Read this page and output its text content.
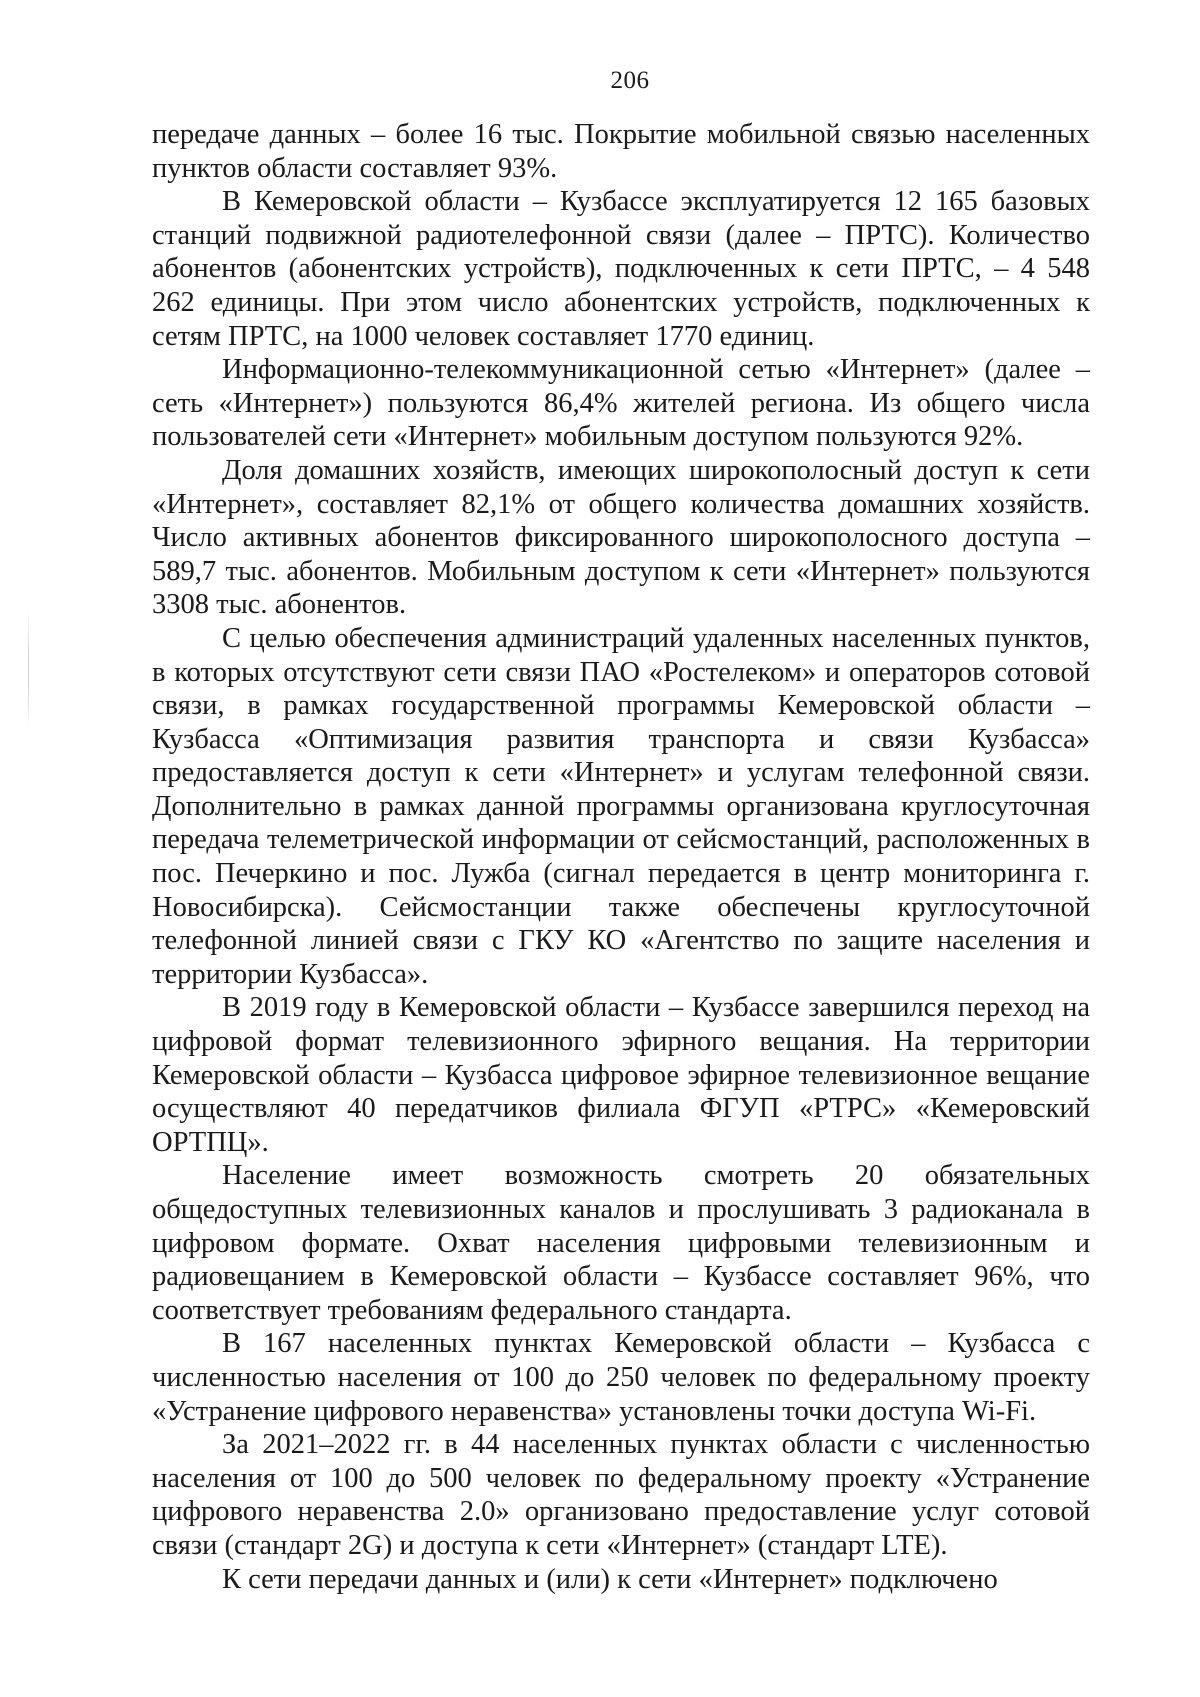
206

передаче данных – более 16 тыс. Покрытие мобильной связью населенных пунктов области составляет 93%.

В Кемеровской области – Кузбассе эксплуатируется 12 165 базовых станций подвижной радиотелефонной связи (далее – ПРТС). Количество абонентов (абонентских устройств), подключенных к сети ПРТС, – 4 548 262 единицы. При этом число абонентских устройств, подключенных к сетям ПРТС, на 1000 человек составляет 1770 единиц.

Информационно-телекоммуникационной сетью «Интернет» (далее – сеть «Интернет») пользуются 86,4% жителей региона. Из общего числа пользователей сети «Интернет» мобильным доступом пользуются 92%.

Доля домашних хозяйств, имеющих широкополосный доступ к сети «Интернет», составляет 82,1% от общего количества домашних хозяйств. Число активных абонентов фиксированного широкополосного доступа – 589,7 тыс. абонентов. Мобильным доступом к сети «Интернет» пользуются 3308 тыс. абонентов.

С целью обеспечения администраций удаленных населенных пунктов, в которых отсутствуют сети связи ПАО «Ростелеком» и операторов сотовой связи, в рамках государственной программы Кемеровской области – Кузбасса «Оптимизация развития транспорта и связи Кузбасса» предоставляется доступ к сети «Интернет» и услугам телефонной связи. Дополнительно в рамках данной программы организована круглосуточная передача телеметрической информации от сейсмостанций, расположенных в пос. Печеркино и пос. Лужба (сигнал передается в центр мониторинга г. Новосибирска). Сейсмостанции также обеспечены круглосуточной телефонной линией связи с ГКУ КО «Агентство по защите населения и территории Кузбасса».

В 2019 году в Кемеровской области – Кузбассе завершился переход на цифровой формат телевизионного эфирного вещания. На территории Кемеровской области – Кузбасса цифровое эфирное телевизионное вещание осуществляют 40 передатчиков филиала ФГУП «РТРС» «Кемеровский ОРТПЦ».

Население имеет возможность смотреть 20 обязательных общедоступных телевизионных каналов и прослушивать 3 радиоканала в цифровом формате. Охват населения цифровыми телевизионным и радиовещанием в Кемеровской области – Кузбассе составляет 96%, что соответствует требованиям федерального стандарта.

В 167 населенных пунктах Кемеровской области – Кузбасса с численностью населения от 100 до 250 человек по федеральному проекту «Устранение цифрового неравенства» установлены точки доступа Wi-Fi.

За 2021–2022 гг. в 44 населенных пунктах области с численностью населения от 100 до 500 человек по федеральному проекту «Устранение цифрового неравенства 2.0» организовано предоставление услуг сотовой связи (стандарт 2G) и доступа к сети «Интернет» (стандарт LTE).

К сети передачи данных и (или) к сети «Интернет» подключено
